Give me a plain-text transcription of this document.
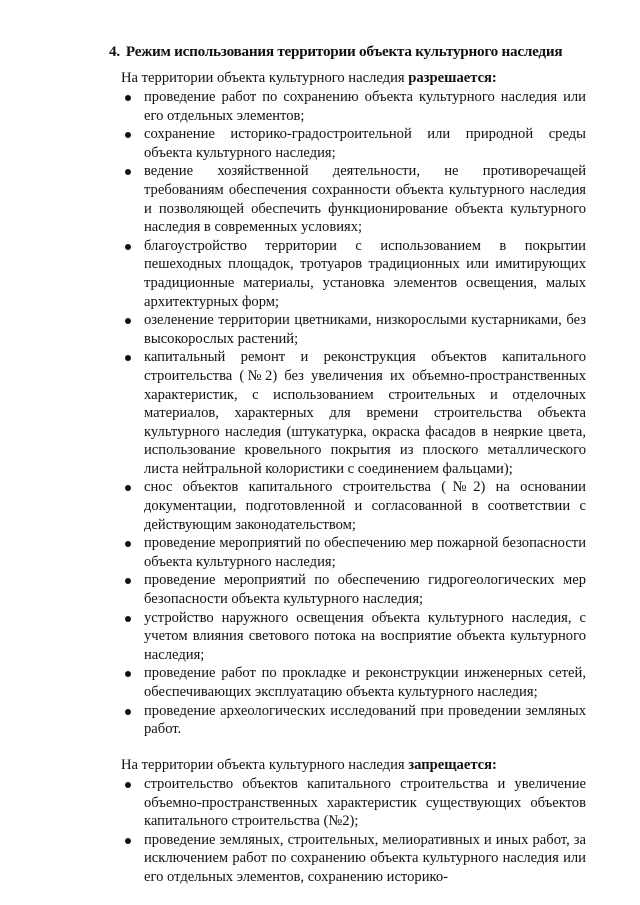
4. Режим использования территории объекта культурного наследия
На территории объекта культурного наследия разрешается:
проведение работ по сохранению объекта культурного наследия или его отдельных элементов;
сохранение историко-градостроительной или природной среды объекта культурного наследия;
ведение хозяйственной деятельности, не противоречащей требованиям обеспечения сохранности объекта культурного наследия и позволяющей обеспечить функционирование объекта культурного наследия в современных условиях;
благоустройство территории с использованием в покрытии пешеходных площадок, тротуаров традиционных или имитирующих традиционные материалы, установка элементов освещения, малых архитектурных форм;
озеленение территории цветниками, низкорослыми кустарниками, без высокорослых растений;
капитальный ремонт и реконструкция объектов капитального строительства (№2) без увеличения их объемно-пространственных характеристик, с использованием строительных и отделочных материалов, характерных для времени строительства объекта культурного наследия (штукатурка, окраска фасадов в неяркие цвета, использование кровельного покрытия из плоского металлического листа нейтральной колористики с соединением фальцами);
снос объектов капитального строительства (№2) на основании документации, подготовленной и согласованной в соответствии с действующим законодательством;
проведение мероприятий по обеспечению мер пожарной безопасности объекта культурного наследия;
проведение мероприятий по обеспечению гидрогеологических мер безопасности объекта культурного наследия;
устройство наружного освещения объекта культурного наследия, с учетом влияния светового потока на восприятие объекта культурного наследия;
проведение работ по прокладке и реконструкции инженерных сетей, обеспечивающих эксплуатацию объекта культурного наследия;
проведение археологических исследований при проведении земляных работ.
На территории объекта культурного наследия запрещается:
строительство объектов капитального строительства и увеличение объемно-пространственных характеристик существующих объектов капитального строительства (№2);
проведение земляных, строительных, мелиоративных и иных работ, за исключением работ по сохранению объекта культурного наследия или его отдельных элементов, сохранению историко-
